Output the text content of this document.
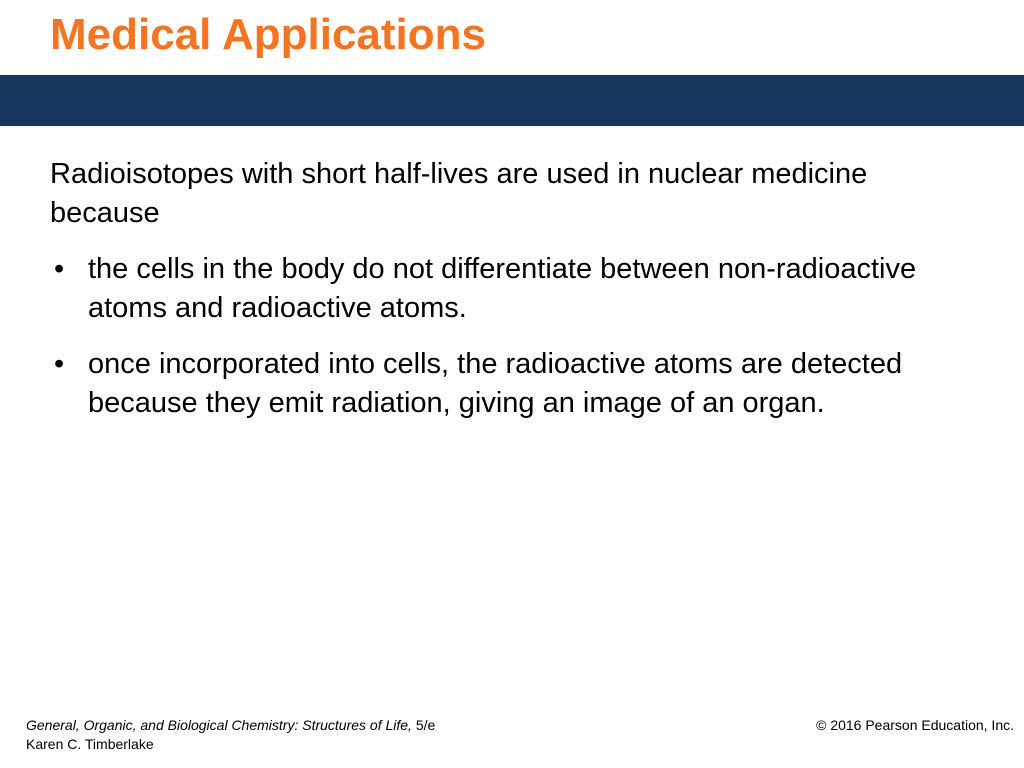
Medical Applications

Radioisotopes with short half-lives are used in nuclear medicine because

• the cells in the body do not differentiate between non-radioactive atoms and radioactive atoms.
• once incorporated into cells, the radioactive atoms are detected because they emit radiation, giving an image of an organ.
General, Organic, and Biological Chemistry: Structures of Life, 5/e
Karen C. Timberlake
© 2016 Pearson Education, Inc.
